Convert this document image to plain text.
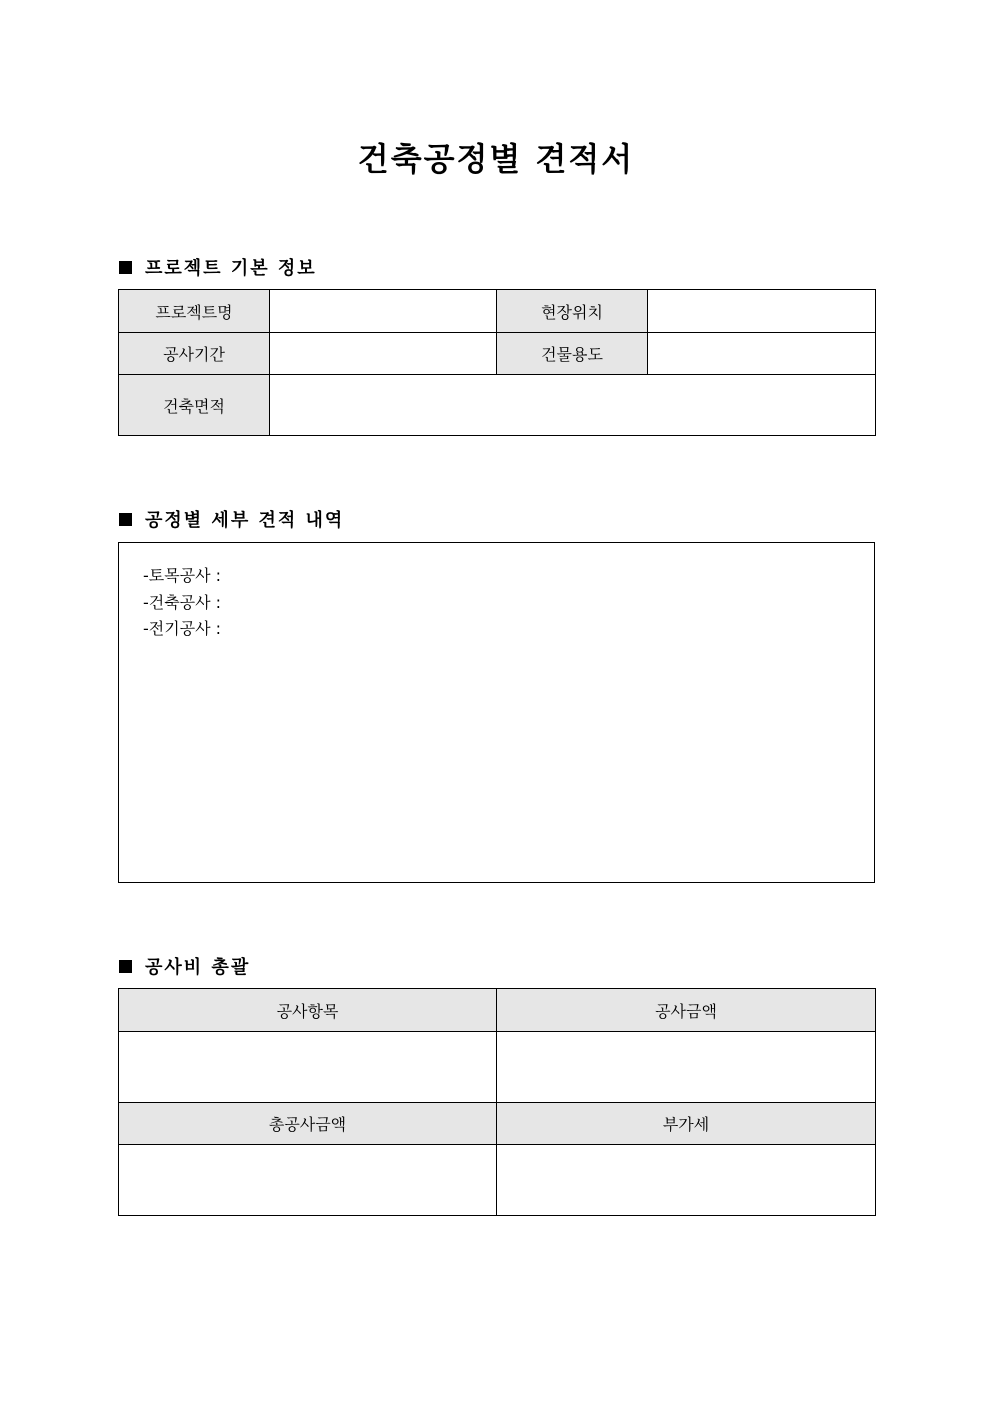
건축공정별 견적서
프로젝트 기본 정보
프로젝트명		현장위치	
공사기간		건물용도	
건축면적			
공정별 세부 견적 내역
-토목공사 :
-건축공사 :
-전기공사 :
공사비 총괄
공사항목	공사금액

총공사금액	부가세
